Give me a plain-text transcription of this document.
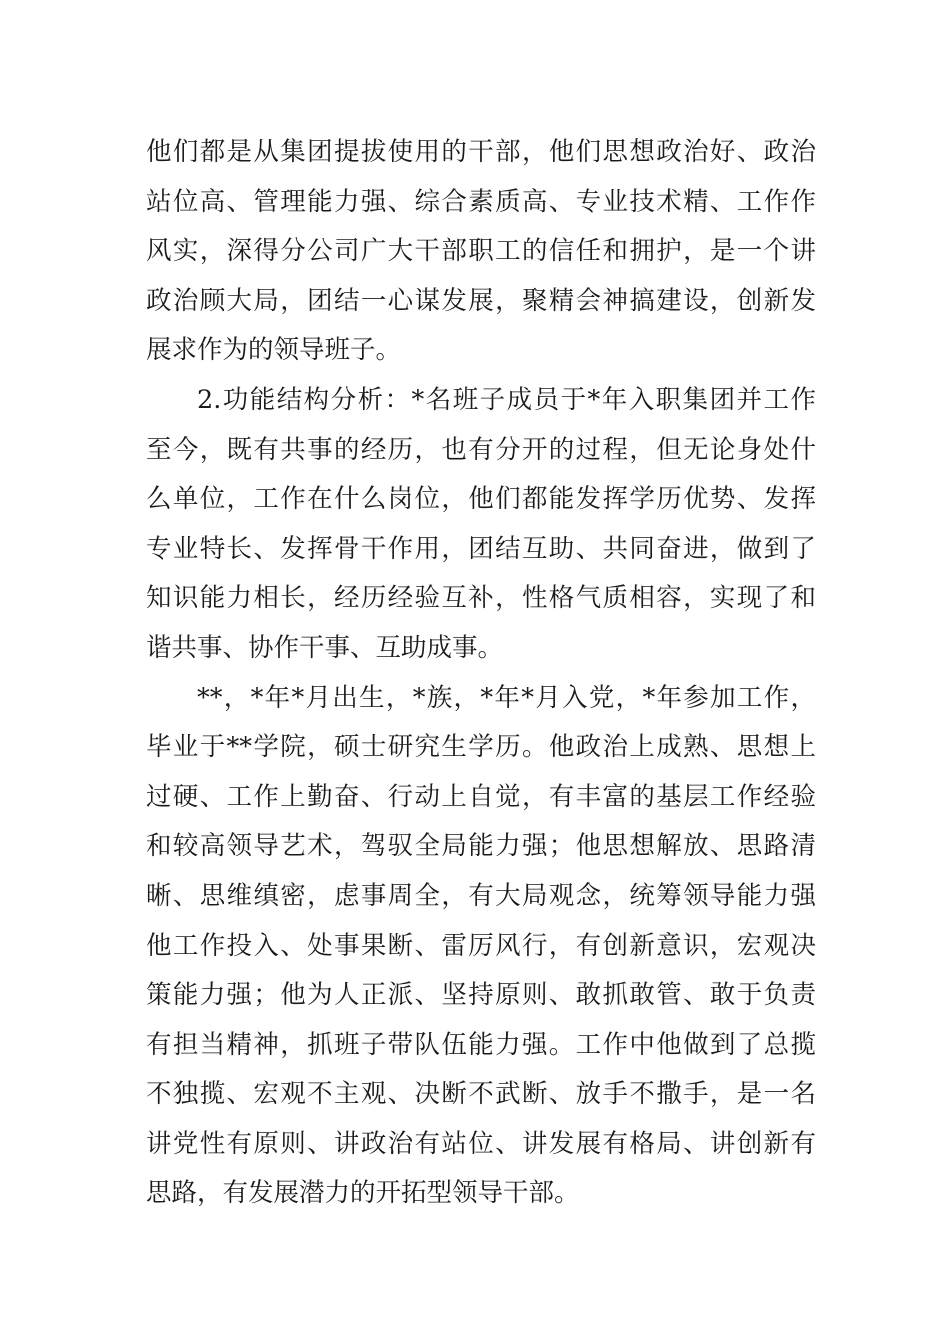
他们都是从集团提拔使用的干部，他们思想政治好、政治
站位高、管理能力强、综合素质高、专业技术精、工作作
风实，深得分公司广大干部职工的信任和拥护，是一个讲
政治顾大局，团结一心谋发展，聚精会神搞建设，创新发
展求作为的领导班子。
2.功能结构分析：*名班子成员于*年入职集团并工作
至今，既有共事的经历，也有分开的过程，但无论身处什
么单位，工作在什么岗位，他们都能发挥学历优势、发挥
专业特长、发挥骨干作用，团结互助、共同奋进，做到了
知识能力相长，经历经验互补，性格气质相容，实现了和
谐共事、协作干事、互助成事。
**，*年*月出生，*族，*年*月入党，*年参加工作，
毕业于**学院，硕士研究生学历。他政治上成熟、思想上
过硬、工作上勤奋、行动上自觉，有丰富的基层工作经验
和较高领导艺术，驾驭全局能力强；他思想解放、思路清
晰、思维缜密，虑事周全，有大局观念，统筹领导能力强
他工作投入、处事果断、雷厉风行，有创新意识，宏观决
策能力强；他为人正派、坚持原则、敢抓敢管、敢于负责
有担当精神，抓班子带队伍能力强。工作中他做到了总揽
不独揽、宏观不主观、决断不武断、放手不撒手，是一名
讲党性有原则、讲政治有站位、讲发展有格局、讲创新有
思路，有发展潜力的开拓型领导干部。
